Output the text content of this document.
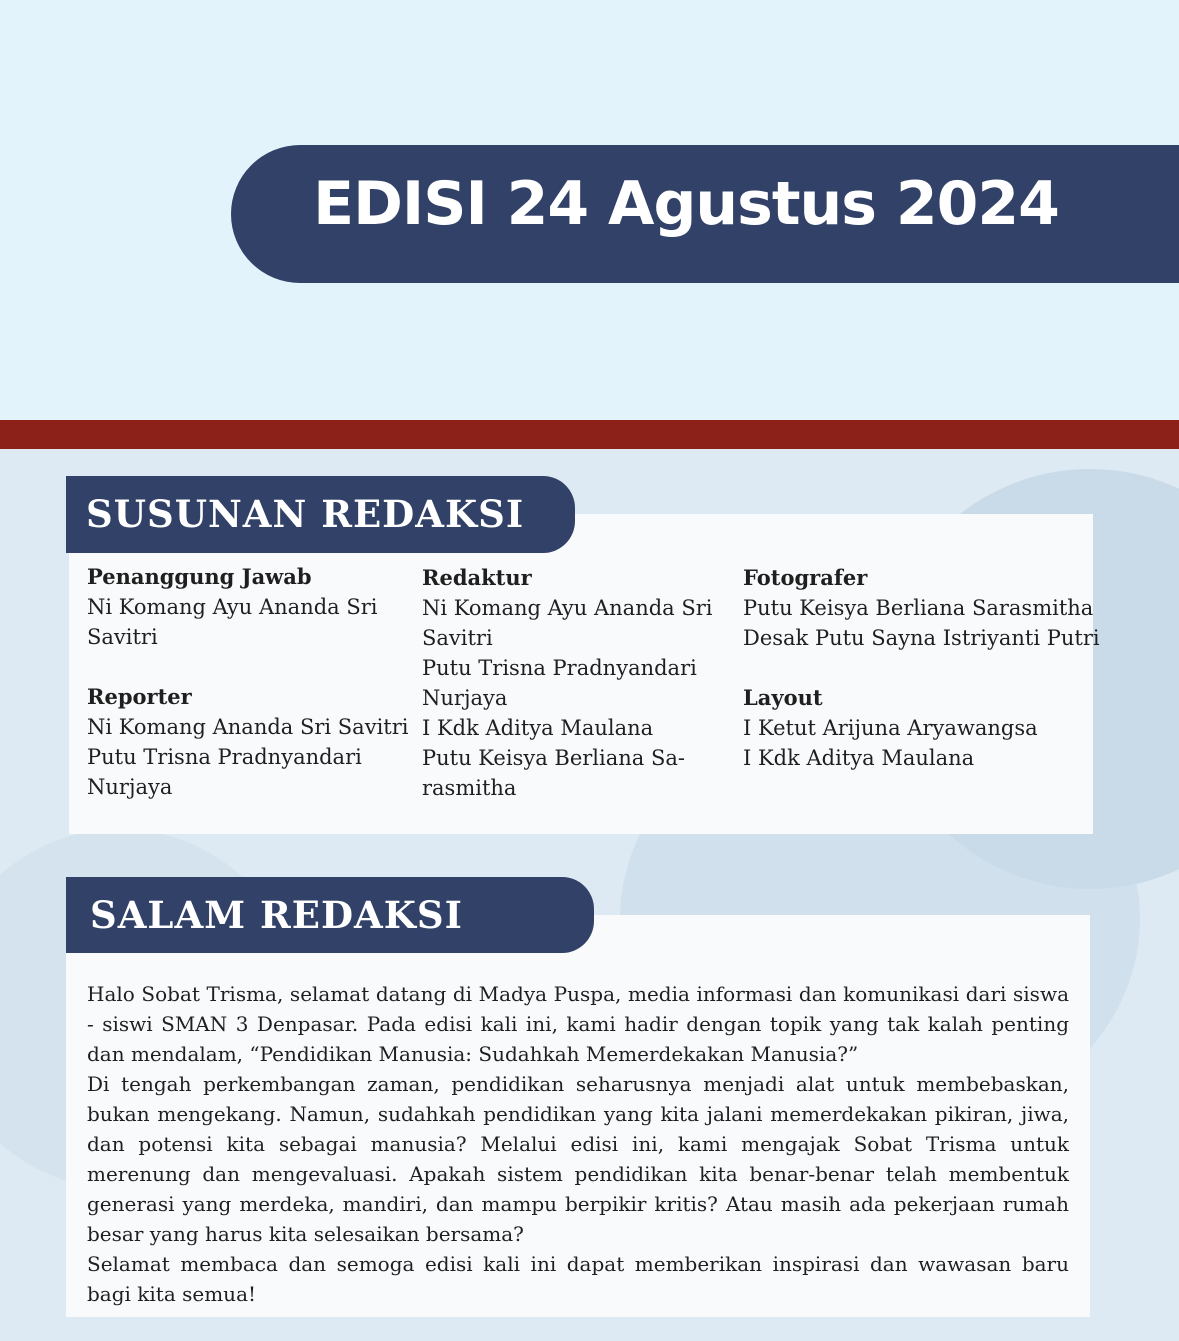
EDISI 24 Agustus 2024
SUSUNAN REDAKSI
Penanggung Jawab
Ni Komang Ayu Ananda Sri
Savitri
Reporter
Ni Komang Ananda Sri Savitri
Putu Trisna Pradnyandari
Nurjaya
Redaktur
Ni Komang Ayu Ananda Sri
Savitri
Putu Trisna Pradnyandari
Nurjaya
I Kdk Aditya Maulana
Putu Keisya Berliana Sa-
rasmitha
Fotografer
Putu Keisya Berliana Sarasmitha
Desak Putu Sayna Istriyanti Putri
Layout
I Ketut Arijuna Aryawangsa
I Kdk Aditya Maulana
SALAM REDAKSI

Halo Sobat Trisma, selamat datang di Madya Puspa, media informasi dan komunikasi dari siswa - siswi SMAN 3 Denpasar. Pada edisi kali ini, kami hadir dengan topik yang tak kalah penting dan mendalam, “Pendidikan Manusia: Sudahkah Memerdekakan Manusia?”

Di tengah perkembangan zaman, pendidikan seharusnya menjadi alat untuk membebaskan, bukan mengekang. Namun, sudahkah pendidikan yang kita jalani memerdekakan pikiran, jiwa, dan potensi kita sebagai manusia? Melalui edisi ini, kami mengajak Sobat Trisma untuk merenung dan mengevaluasi. Apakah sistem pendidikan kita benar-benar telah membentuk generasi yang merdeka, mandiri, dan mampu berpikir kritis? Atau masih ada pekerjaan rumah besar yang harus kita selesaikan bersama?

Selamat membaca dan semoga edisi kali ini dapat memberikan inspirasi dan wawasan baru bagi kita semua!
